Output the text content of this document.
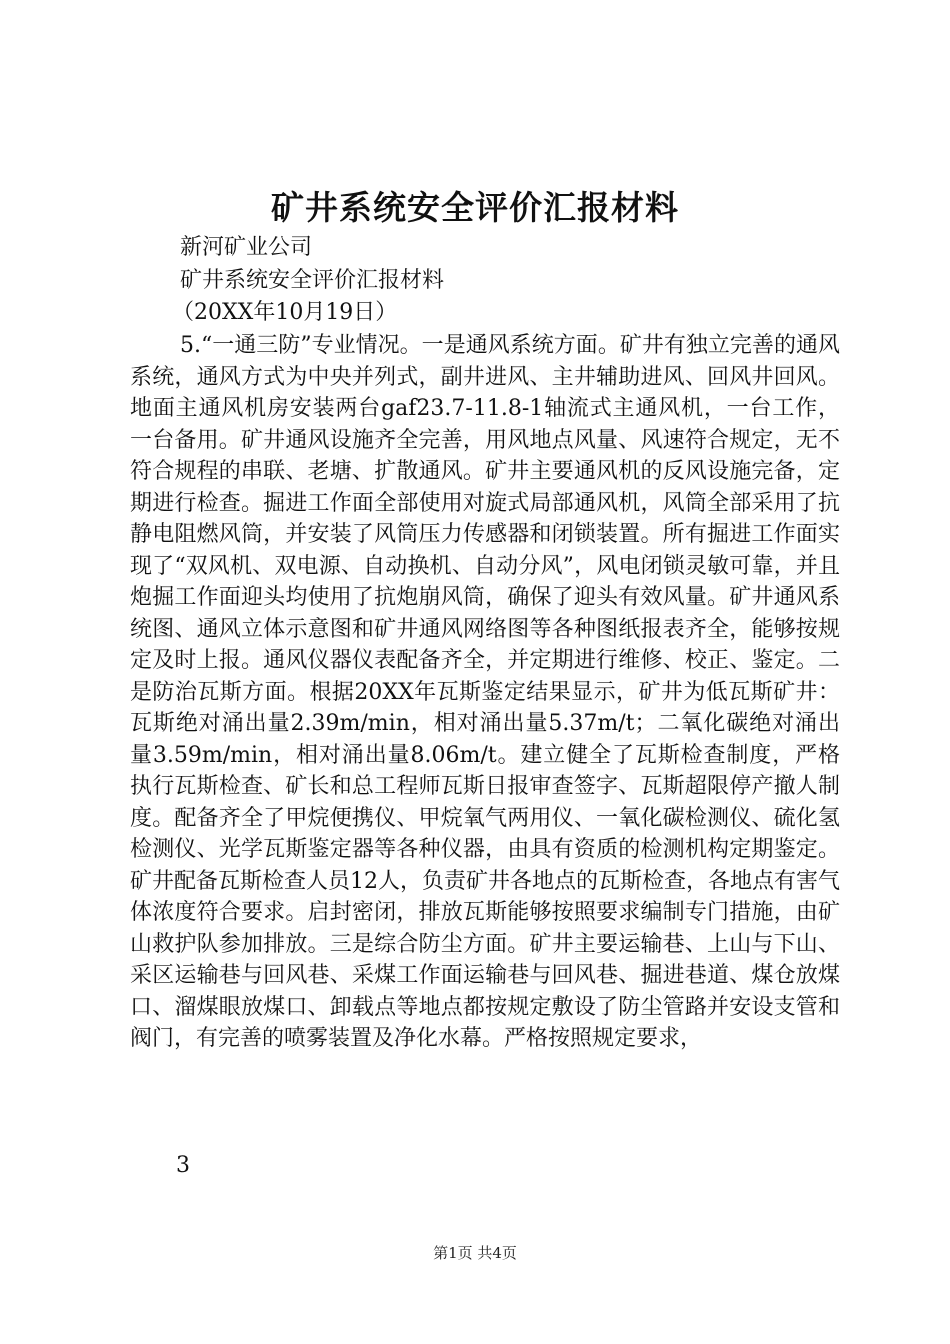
矿井系统安全评价汇报材料

新河矿业公司

矿井系统安全评价汇报材料

（20XX年10月19日）

5.“一通三防”专业情况。一是通风系统方面。矿井有独立完善的通风系统，通风方式为中央并列式，副井进风、主井辅助进风、回风井回风。地面主通风机房安装两台gaf23.7-11.8-1轴流式主通风机，一台工作，一台备用。矿井通风设施齐全完善，用风地点风量、风速符合规定，无不符合规程的串联、老塘、扩散通风。矿井主要通风机的反风设施完备，定期进行检查。掘进工作面全部使用对旋式局部通风机，风筒全部采用了抗静电阻燃风筒，并安装了风筒压力传感器和闭锁装置。所有掘进工作面实现了“双风机、双电源、自动换机、自动分风”，风电闭锁灵敏可靠，并且炮掘工作面迎头均使用了抗炮崩风筒，确保了迎头有效风量。矿井通风系统图、通风立体示意图和矿井通风网络图等各种图纸报表齐全，能够按规定及时上报。通风仪器仪表配备齐全，并定期进行维修、校正、鉴定。二是防治瓦斯方面。根据20XX年瓦斯鉴定结果显示，矿井为低瓦斯矿井：瓦斯绝对涌出量2.39m/min，相对涌出量5.37m/t；二氧化碳绝对涌出量3.59m/min，相对涌出量8.06m/t。建立健全了瓦斯检查制度，严格执行瓦斯检查、矿长和总工程师瓦斯日报审查签字、瓦斯超限停产撤人制度。配备齐全了甲烷便携仪、甲烷氧气两用仪、一氧化碳检测仪、硫化氢检测仪、光学瓦斯鉴定器等各种仪器，由具有资质的检测机构定期鉴定。矿井配备瓦斯检查人员12人，负责矿井各地点的瓦斯检查，各地点有害气体浓度符合要求。启封密闭，排放瓦斯能够按照要求编制专门措施，由矿山救护队参加排放。三是综合防尘方面。矿井主要运输巷、上山与下山、采区运输巷与回风巷、采煤工作面运输巷与回风巷、掘进巷道、煤仓放煤口、溜煤眼放煤口、卸载点等地点都按规定敷设了防尘管路并安设支管和阀门，有完善的喷雾装置及净化水幕。严格按照规定要求，

3

第1页 共4页
